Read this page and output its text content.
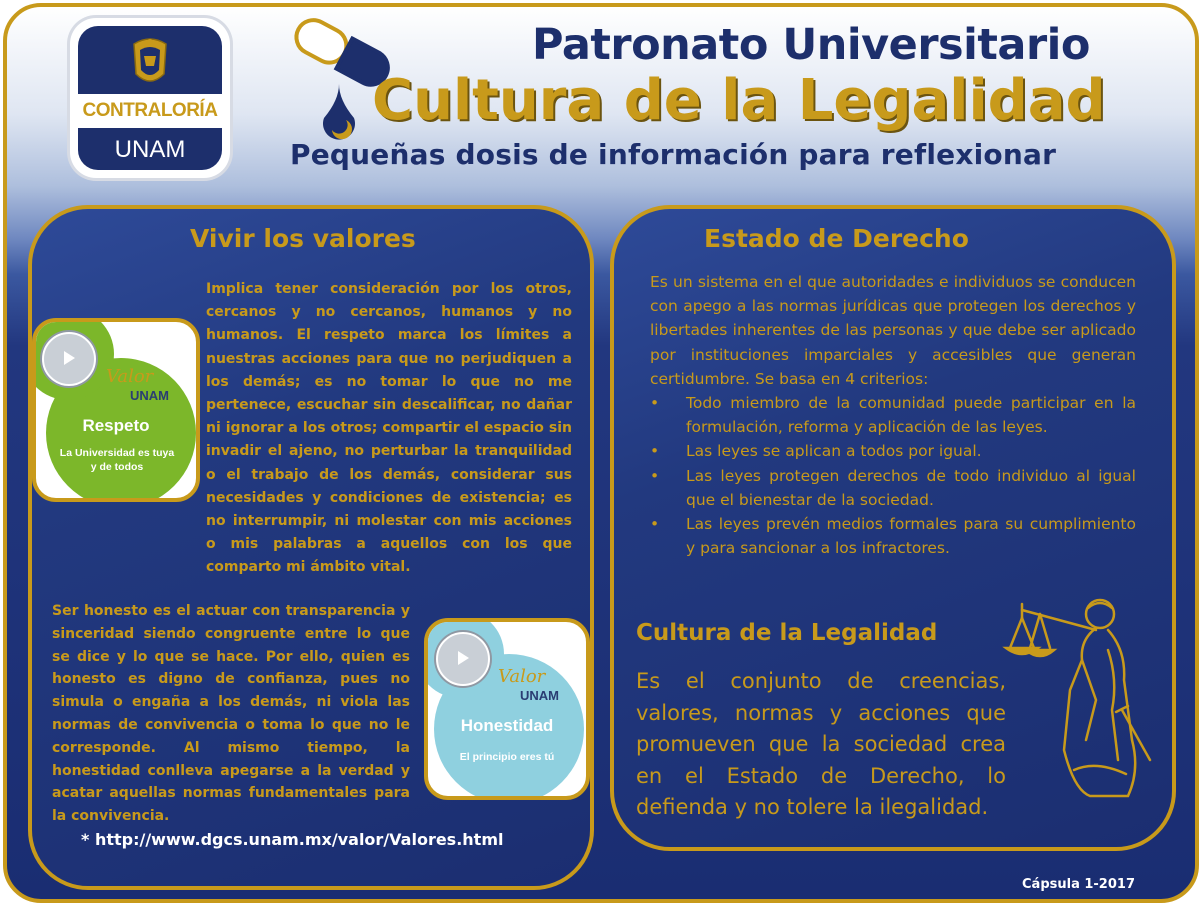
CONTRALORÍA
UNAM
Patronato Universitario
Cultura de la Legalidad
Pequeñas dosis de información para reflexionar
Vivir los valores
Implica tener consideración por los otros, cercanos y no cercanos, humanos y no humanos. El respeto marca los límites a nuestras acciones para que no perjudiquen a los demás; es no tomar lo que no me pertenece, escuchar sin descalificar, no dañar ni ignorar a los otros; compartir el espacio sin invadir el ajeno, no perturbar la tranquilidad o el trabajo de los demás, considerar sus necesidades y condiciones de existencia; es no interrumpir, ni molestar con mis acciones o mis palabras a aquellos con los que comparto mi ámbito vital.
Valor
UNAM
Respeto
La Universidad es tuya y de todos
Ser honesto es el actuar con transparencia y sinceridad siendo congruente entre lo que se dice y lo que se hace. Por ello, quien es honesto es digno de confianza, pues no simula o engaña a los demás, ni viola las normas de convivencia o toma lo que no le corresponde. Al mismo tiempo, la honestidad conlleva apegarse a la verdad y acatar aquellas normas fundamentales para la convivencia.
Valor
UNAM
Honestidad
El principio eres tú
* http://www.dgcs.unam.mx/valor/Valores.html
Estado de Derecho
Es un sistema en el que autoridades e individuos se conducen con apego a las normas jurídicas que protegen los derechos y libertades inherentes de las personas y que debe ser aplicado por instituciones imparciales y accesibles que generan certidumbre. Se basa en 4 criterios:
• Todo miembro de la comunidad puede participar en la formulación, reforma y aplicación de las leyes.
• Las leyes se aplican a todos por igual.
• Las leyes protegen derechos de todo individuo al igual que el bienestar de la sociedad.
• Las leyes prevén medios formales para su cumplimiento y para sancionar a los infractores.
Cultura de la Legalidad
Es el conjunto de creencias, valores, normas y acciones que promueven que la sociedad crea en el Estado de Derecho, lo defienda y no tolere la ilegalidad.
Cápsula 1-2017
